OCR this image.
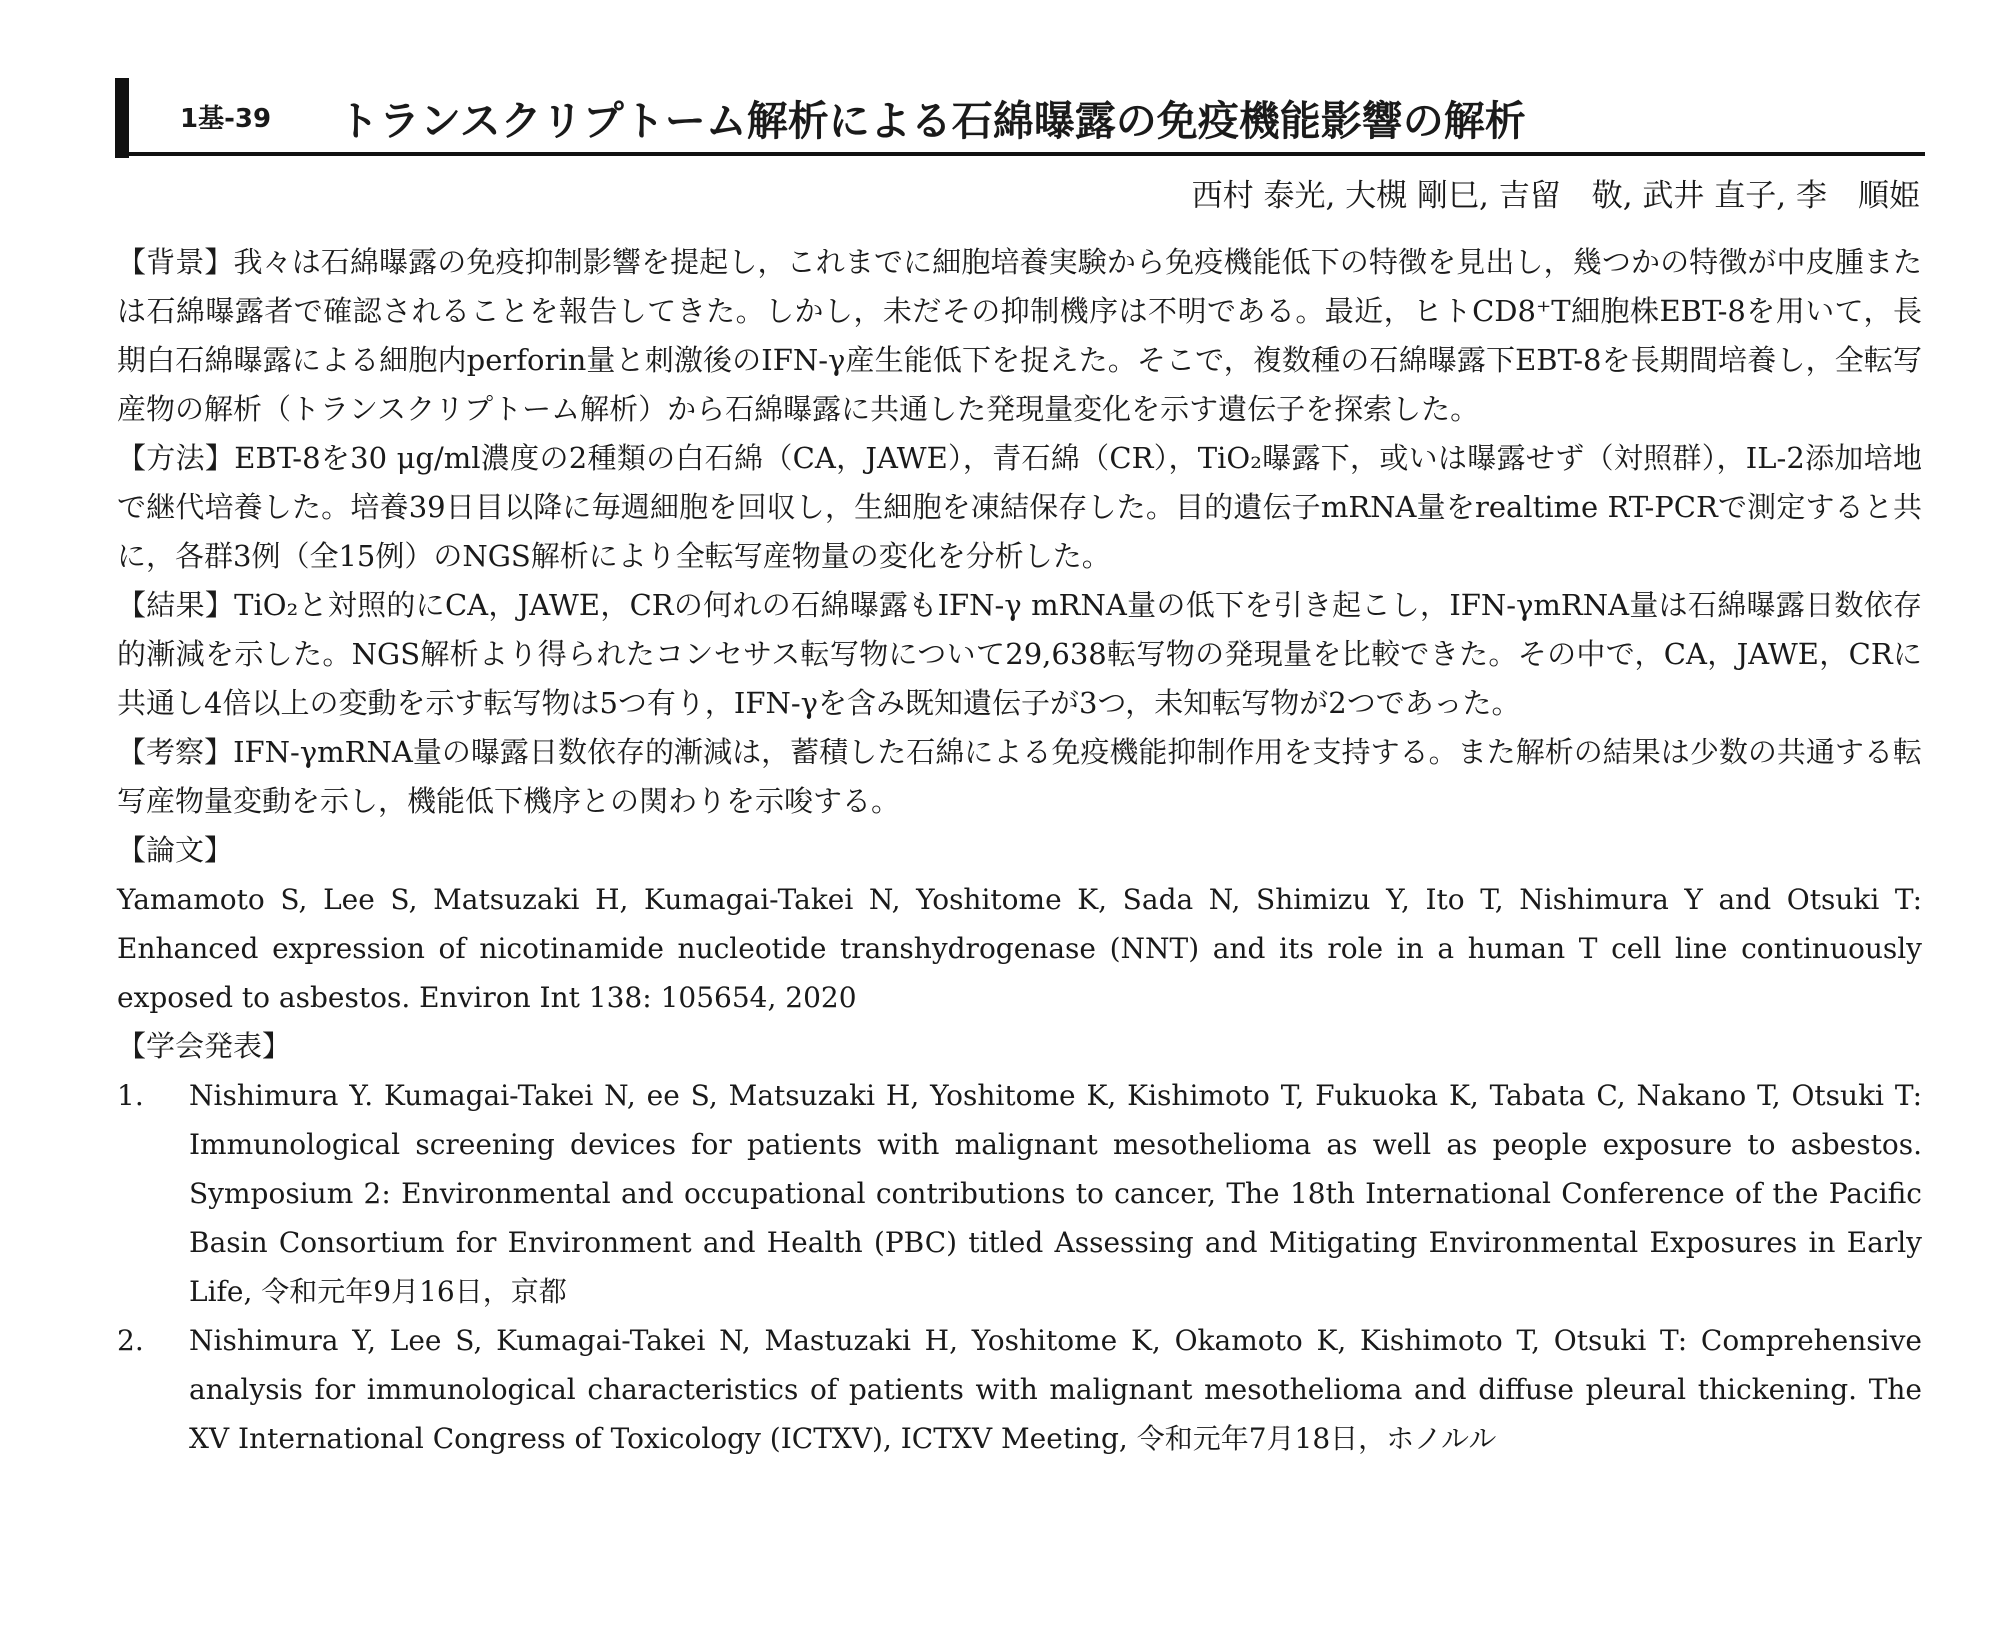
1基-39 トランスクリプトーム解析による石綿曝露の免疫機能影響の解析
西村 泰光, 大槻 剛巳, 吉留　敬, 武井 直子, 李　順姫

【背景】我々は石綿曝露の免疫抑制影響を提起し，これまでに細胞培養実験から免疫機能低下の特徴を見出し，幾つかの特徴が中皮腫または石綿曝露者で確認されることを報告してきた。しかし，未だその抑制機序は不明である。最近，ヒトCD8⁺T細胞株EBT-8を用いて，長期白石綿曝露による細胞内perforin量と刺激後のIFN-γ産生能低下を捉えた。そこで，複数種の石綿曝露下EBT-8を長期間培養し，全転写産物の解析（トランスクリプトーム解析）から石綿曝露に共通した発現量変化を示す遺伝子を探索した。

【方法】EBT-8を30 μg/ml濃度の2種類の白石綿（CA，JAWE），青石綿（CR），TiO₂曝露下，或いは曝露せず（対照群），IL-2添加培地で継代培養した。培養39日目以降に毎週細胞を回収し，生細胞を凍結保存した。目的遺伝子mRNA量をrealtime RT-PCRで測定すると共に，各群3例（全15例）のNGS解析により全転写産物量の変化を分析した。

【結果】TiO₂と対照的にCA，JAWE，CRの何れの石綿曝露もIFN-γ mRNA量の低下を引き起こし，IFN-γmRNA量は石綿曝露日数依存的漸減を示した。NGS解析より得られたコンセサス転写物について29,638転写物の発現量を比較できた。その中で，CA，JAWE，CRに共通し4倍以上の変動を示す転写物は5つ有り，IFN-γを含み既知遺伝子が3つ，未知転写物が2つであった。

【考察】IFN-γmRNA量の曝露日数依存的漸減は，蓄積した石綿による免疫機能抑制作用を支持する。また解析の結果は少数の共通する転写産物量変動を示し，機能低下機序との関わりを示唆する。

【論文】

Yamamoto S, Lee S, Matsuzaki H, Kumagai-Takei N, Yoshitome K, Sada N, Shimizu Y, Ito T, Nishimura Y and Otsuki T: Enhanced expression of nicotinamide nucleotide transhydrogenase (NNT) and its role in a human T cell line continuously exposed to asbestos. Environ Int 138: 105654, 2020

【学会発表】

1. Nishimura Y. Kumagai-Takei N, ee S, Matsuzaki H, Yoshitome K, Kishimoto T, Fukuoka K, Tabata C, Nakano T, Otsuki T: Immunological screening devices for patients with malignant mesothelioma as well as people exposure to asbestos. Symposium 2: Environmental and occupational contributions to cancer, The 18th International Conference of the Pacific Basin Consortium for Environment and Health (PBC) titled Assessing and Mitigating Environmental Exposures in Early Life, 令和元年9月16日，京都
2. Nishimura Y, Lee S, Kumagai-Takei N, Mastuzaki H, Yoshitome K, Okamoto K, Kishimoto T, Otsuki T: Comprehensive analysis for immunological characteristics of patients with malignant mesothelioma and diffuse pleural thickening. The XV International Congress of Toxicology (ICTXV), ICTXV Meeting, 令和元年7月18日，ホノルル
